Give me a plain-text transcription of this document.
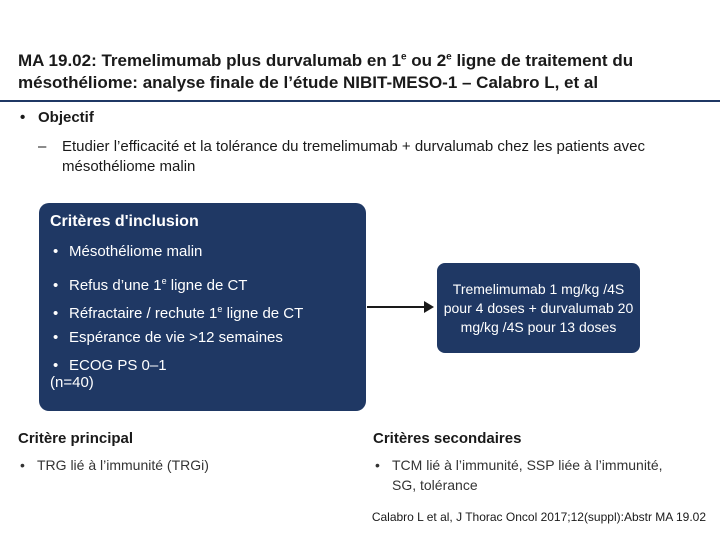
MA 19.02: Tremelimumab plus durvalumab en 1e ou 2e ligne de traitement du mésothéliome: analyse finale de l’étude NIBIT-MESO-1 – Calabro L, et al
• Objectif
– Etudier l’efficacité et la tolérance du tremelimumab + durvalumab chez les patients avec mésothéliome malin
Critères d'inclusion
• Mésothéliome malin
• Refus d’une 1e ligne de CT
• Réfractaire / rechute 1e ligne de CT
• Espérance de vie >12 semaines
• ECOG PS 0–1
(n=40)
Tremelimumab 1 mg/kg /4S pour 4 doses + durvalumab 20 mg/kg /4S pour 13 doses
Critère principal
• TRG lié à l’immunité (TRGi)
Critères secondaires
• TCM lié à l’immunité, SSP liée à l’immunité, SG, tolérance
Calabro L et al, J Thorac Oncol 2017;12(suppl):Abstr MA 19.02
